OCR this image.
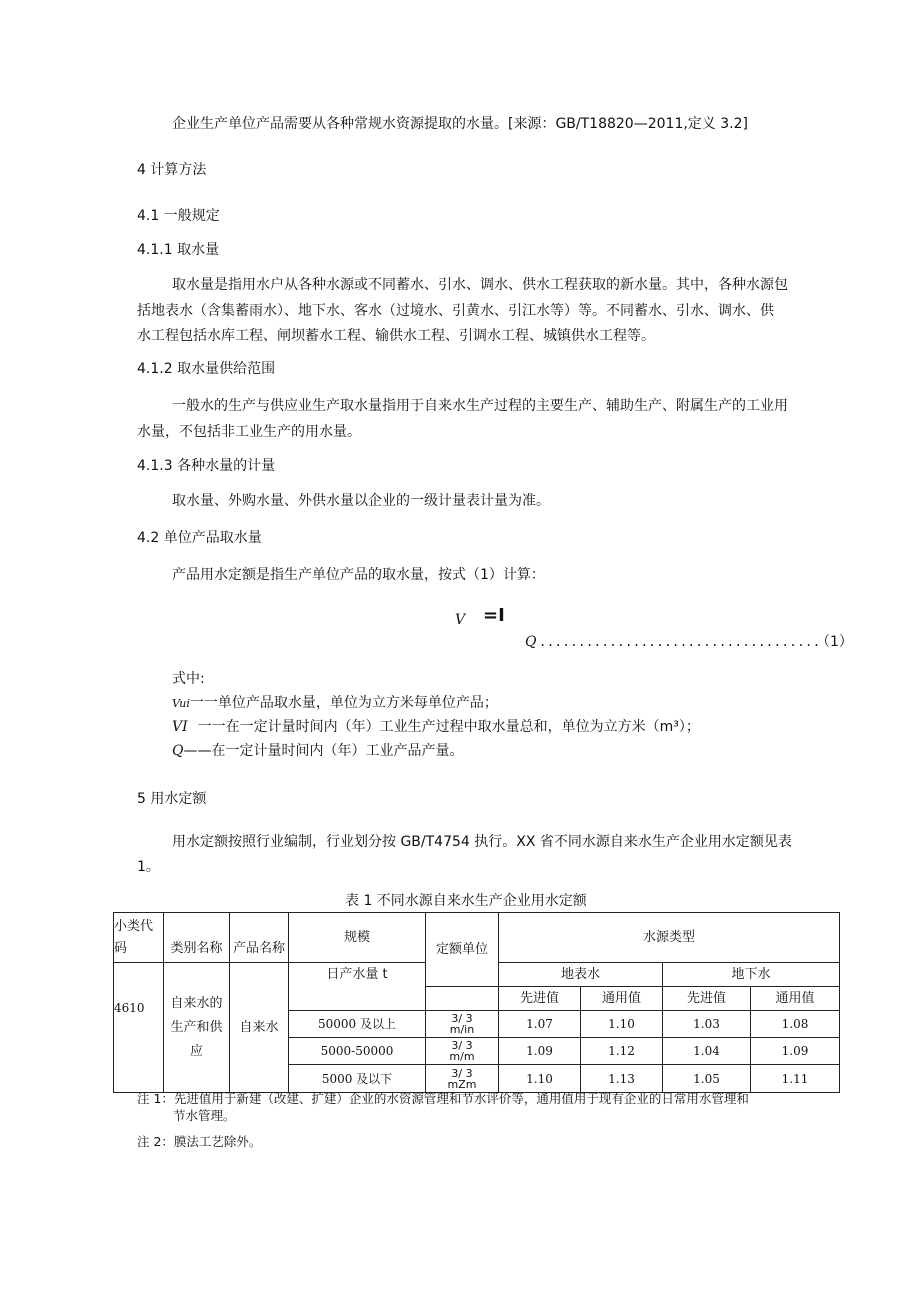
企业生产单位产品需要从各种常规水资源提取的水量。[来源：GB/T18820—2011,定义 3.2]
4 计算方法
4.1 一般规定
4.1.1 取水量
取水量是指用水户从各种水源或不同蓄水、引水、调水、供水工程获取的新水量。其中，各种水源包
括地表水（含集蓄雨水）、地下水、客水（过境水、引黄水、引江水等）等。不同蓄水、引水、调水、供
水工程包括水库工程、闸坝蓄水工程、输供水工程、引调水工程、城镇供水工程等。
4.1.2 取水量供给范围
一般水的生产与供应业生产取水量指用于自来水生产过程的主要生产、辅助生产、附属生产的工业用
水量，不包括非工业生产的用水量。
4.1.3 各种水量的计量
取水量、外购水量、外供水量以企业的一级计量表计量为准。
4.2 单位产品取水量
产品用水定额是指生产单位产品的取水量，按式（1）计算：
V =I
Q ....................................
（1）
式中:
Vui一一单位产品取水量，单位为立方米每单位产品；
VI 一一在一定计量时间内（年）工业生产过程中取水量总和，单位为立方米（m³）；
Q——在一定计量时间内（年）工业产品产量。
5 用水定额
用水定额按照行业编制，行业划分按 GB/T4754 执行。XX 省不同水源自来水生产企业用水定额见表
1。
表 1 不同水源自来水生产企业用水定额
小类代码	类别名称	产品名称	规模	定额单位	水源类型			
4610	自来水的生产和供应	自来水	日产水量 t		地表水		地下水	
					先进值	通用值	先进值	通用值
			50000 及以上	3/ 3
m/in	1.07	1.10	1.03	1.08
			5000-50000	3/ 3
m/m	1.09	1.12	1.04	1.09
			5000 及以下	3/ 3
mZm	1.10	1.13	1.05	1.11
注 1：先进值用于新建（改建、扩建）企业的水资源管理和节水评价等，通用值用于现有企业的日常用水管理和
节水管理。
注 2：膜法工艺除外。
